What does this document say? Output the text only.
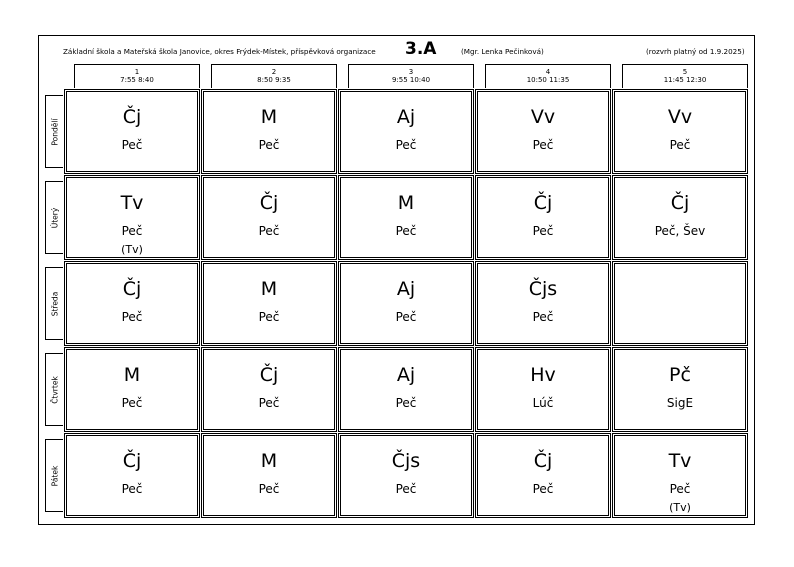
Základní škola a Mateřská škola Janovice, okres Frýdek-Místek, příspěvková organizace 3.A	(Mgr. Lenka Pečinková)	(rozvrh platný od 1.9.2025)
1
7:55 8:40
2
8:50 9:35
3
9:55 10:40
4
10:50 11:35
5
11:45 12:30
Pondělí
Čj
Peč
M
Peč
Aj
Peč
Vv
Peč
Vv
Peč
Úterý
Tv
Peč
(Tv)
Čj
Peč
M
Peč
Čj
Peč
Čj
Peč, Šev
Středa
Čj
Peč
M
Peč
Aj
Peč
Čjs
Peč
Čtvrtek
M
Peč
Čj
Peč
Aj
Peč
Hv
Lúč
Pč
SigE
Pátek
Čj
Peč
M
Peč
Čjs
Peč
Čj
Peč
Tv
Peč
(Tv)
